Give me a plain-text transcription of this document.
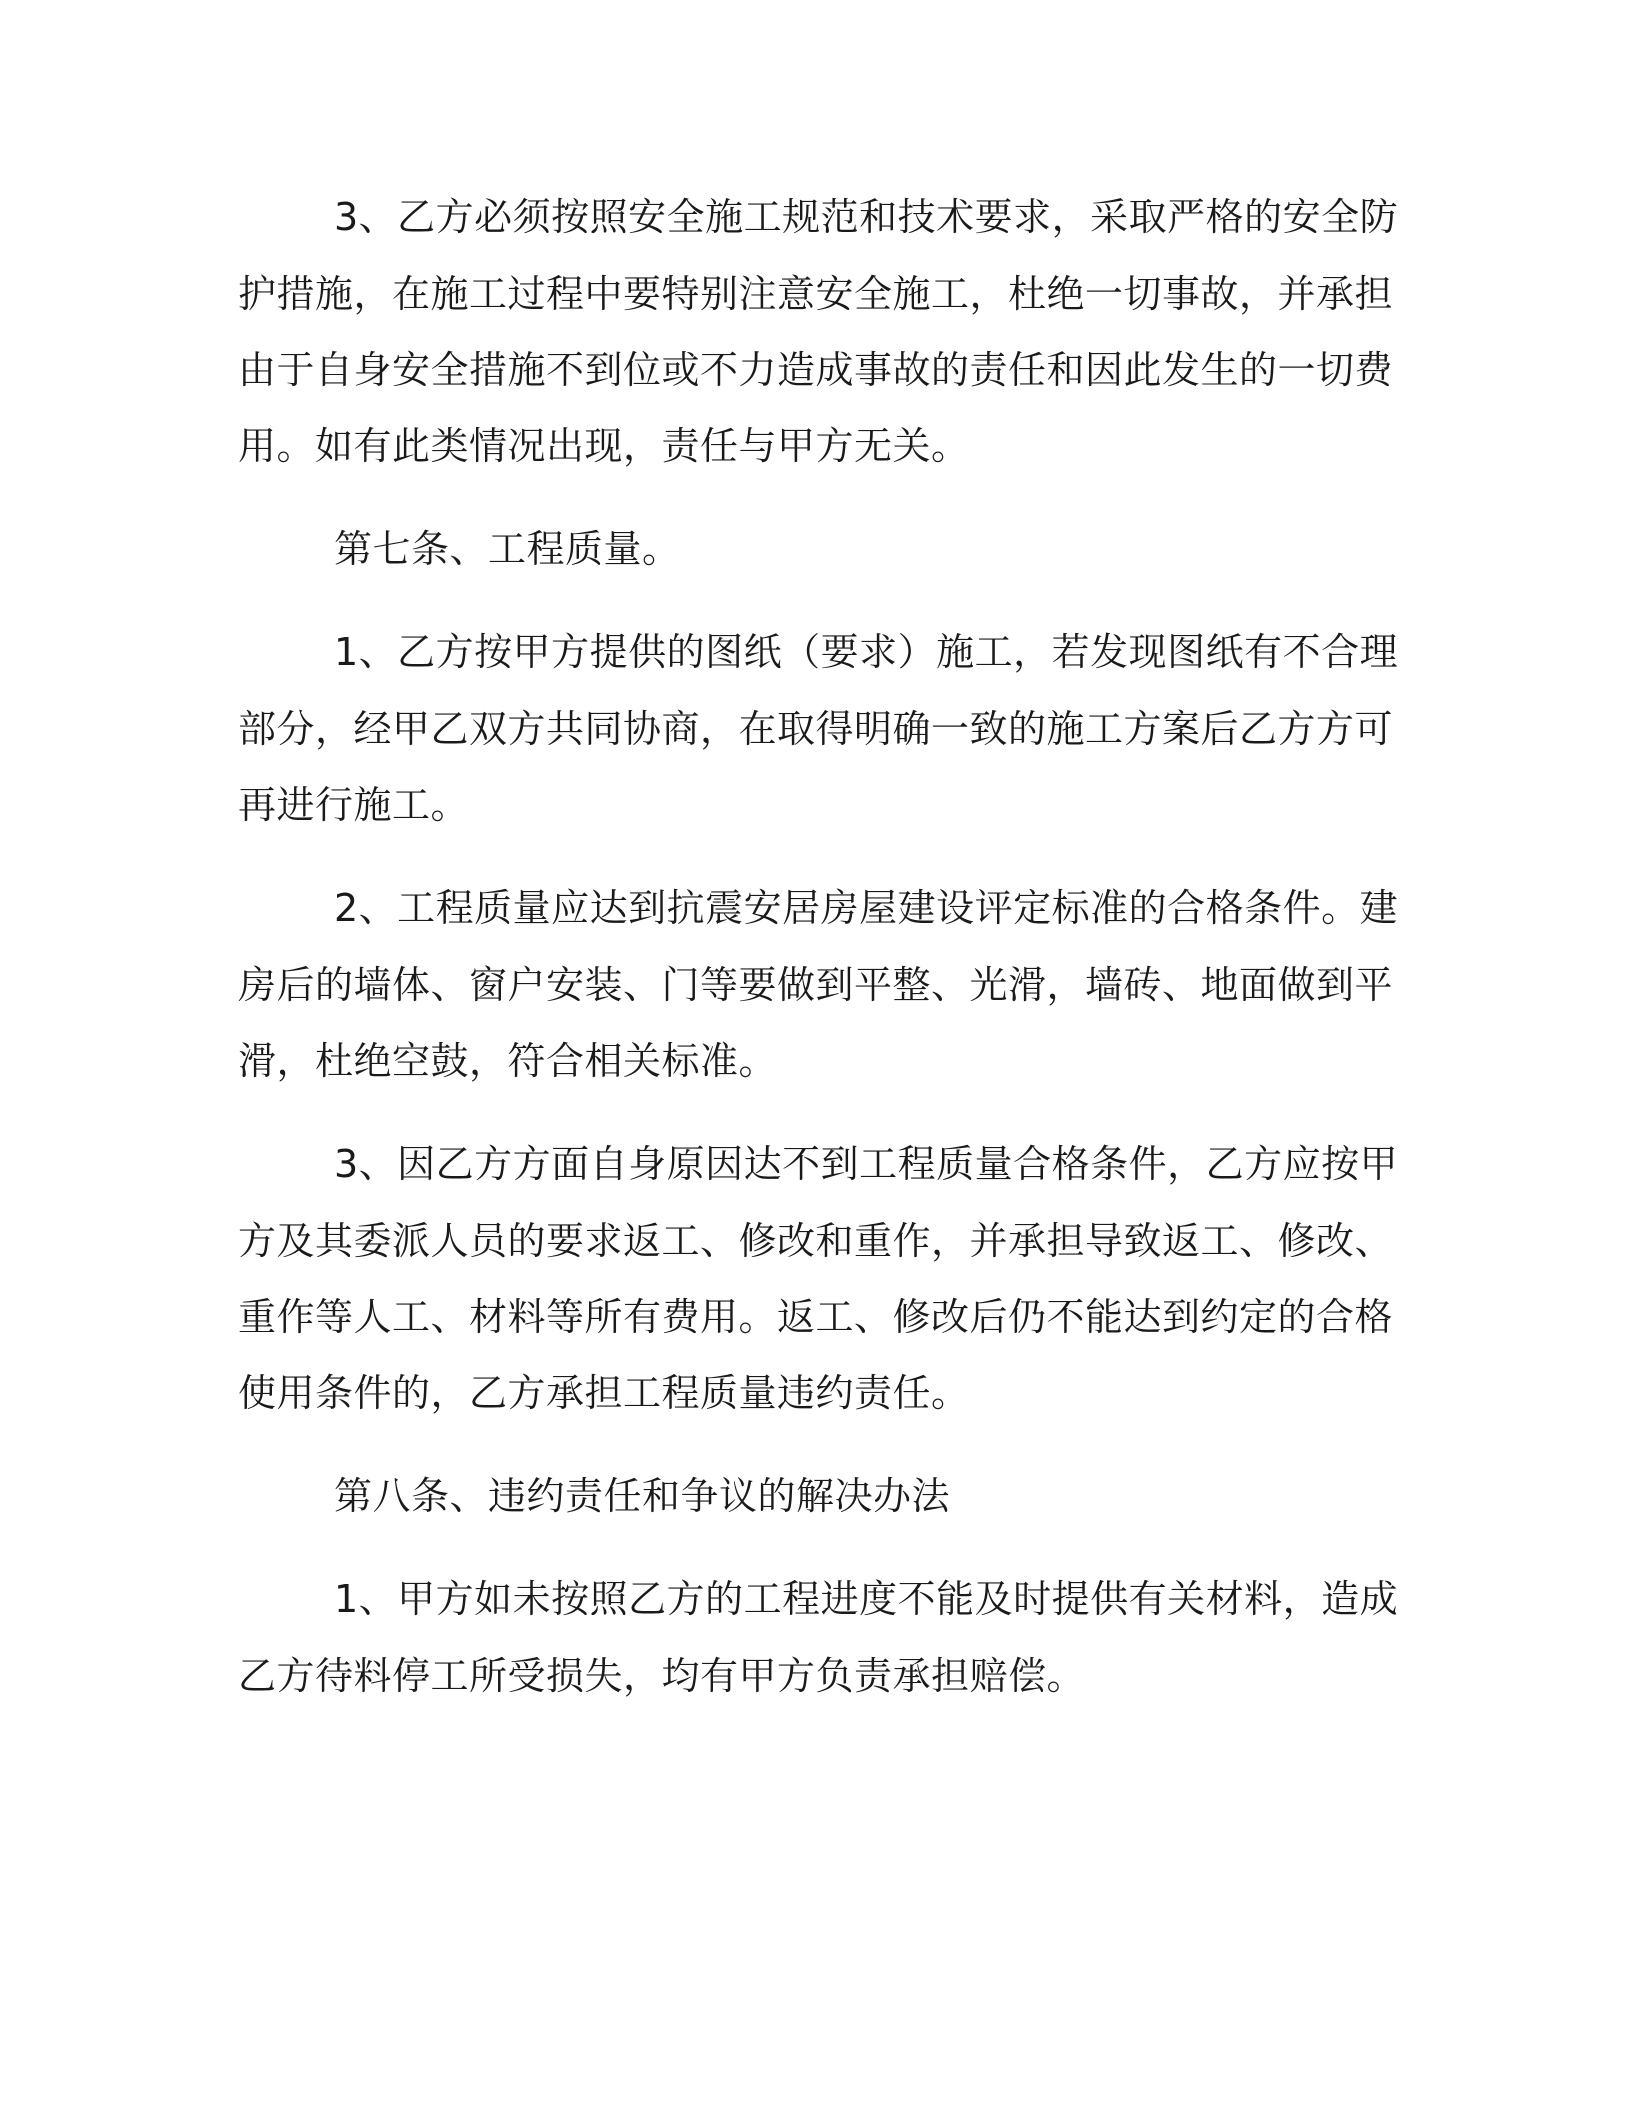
3、乙方必须按照安全施工规范和技术要求，采取严格的安全防
护措施，在施工过程中要特别注意安全施工，杜绝一切事故，并承担
由于自身安全措施不到位或不力造成事故的责任和因此发生的一切费
用。如有此类情况出现，责任与甲方无关。
第七条、工程质量。
1、乙方按甲方提供的图纸（要求）施工，若发现图纸有不合理
部分，经甲乙双方共同协商，在取得明确一致的施工方案后乙方方可
再进行施工。
2、工程质量应达到抗震安居房屋建设评定标准的合格条件。建
房后的墙体、窗户安装、门等要做到平整、光滑，墙砖、地面做到平
滑，杜绝空鼓，符合相关标准。
3、因乙方方面自身原因达不到工程质量合格条件，乙方应按甲
方及其委派人员的要求返工、修改和重作，并承担导致返工、修改、
重作等人工、材料等所有费用。返工、修改后仍不能达到约定的合格
使用条件的，乙方承担工程质量违约责任。
第八条、违约责任和争议的解决办法
1、甲方如未按照乙方的工程进度不能及时提供有关材料，造成
乙方待料停工所受损失，均有甲方负责承担赔偿。
